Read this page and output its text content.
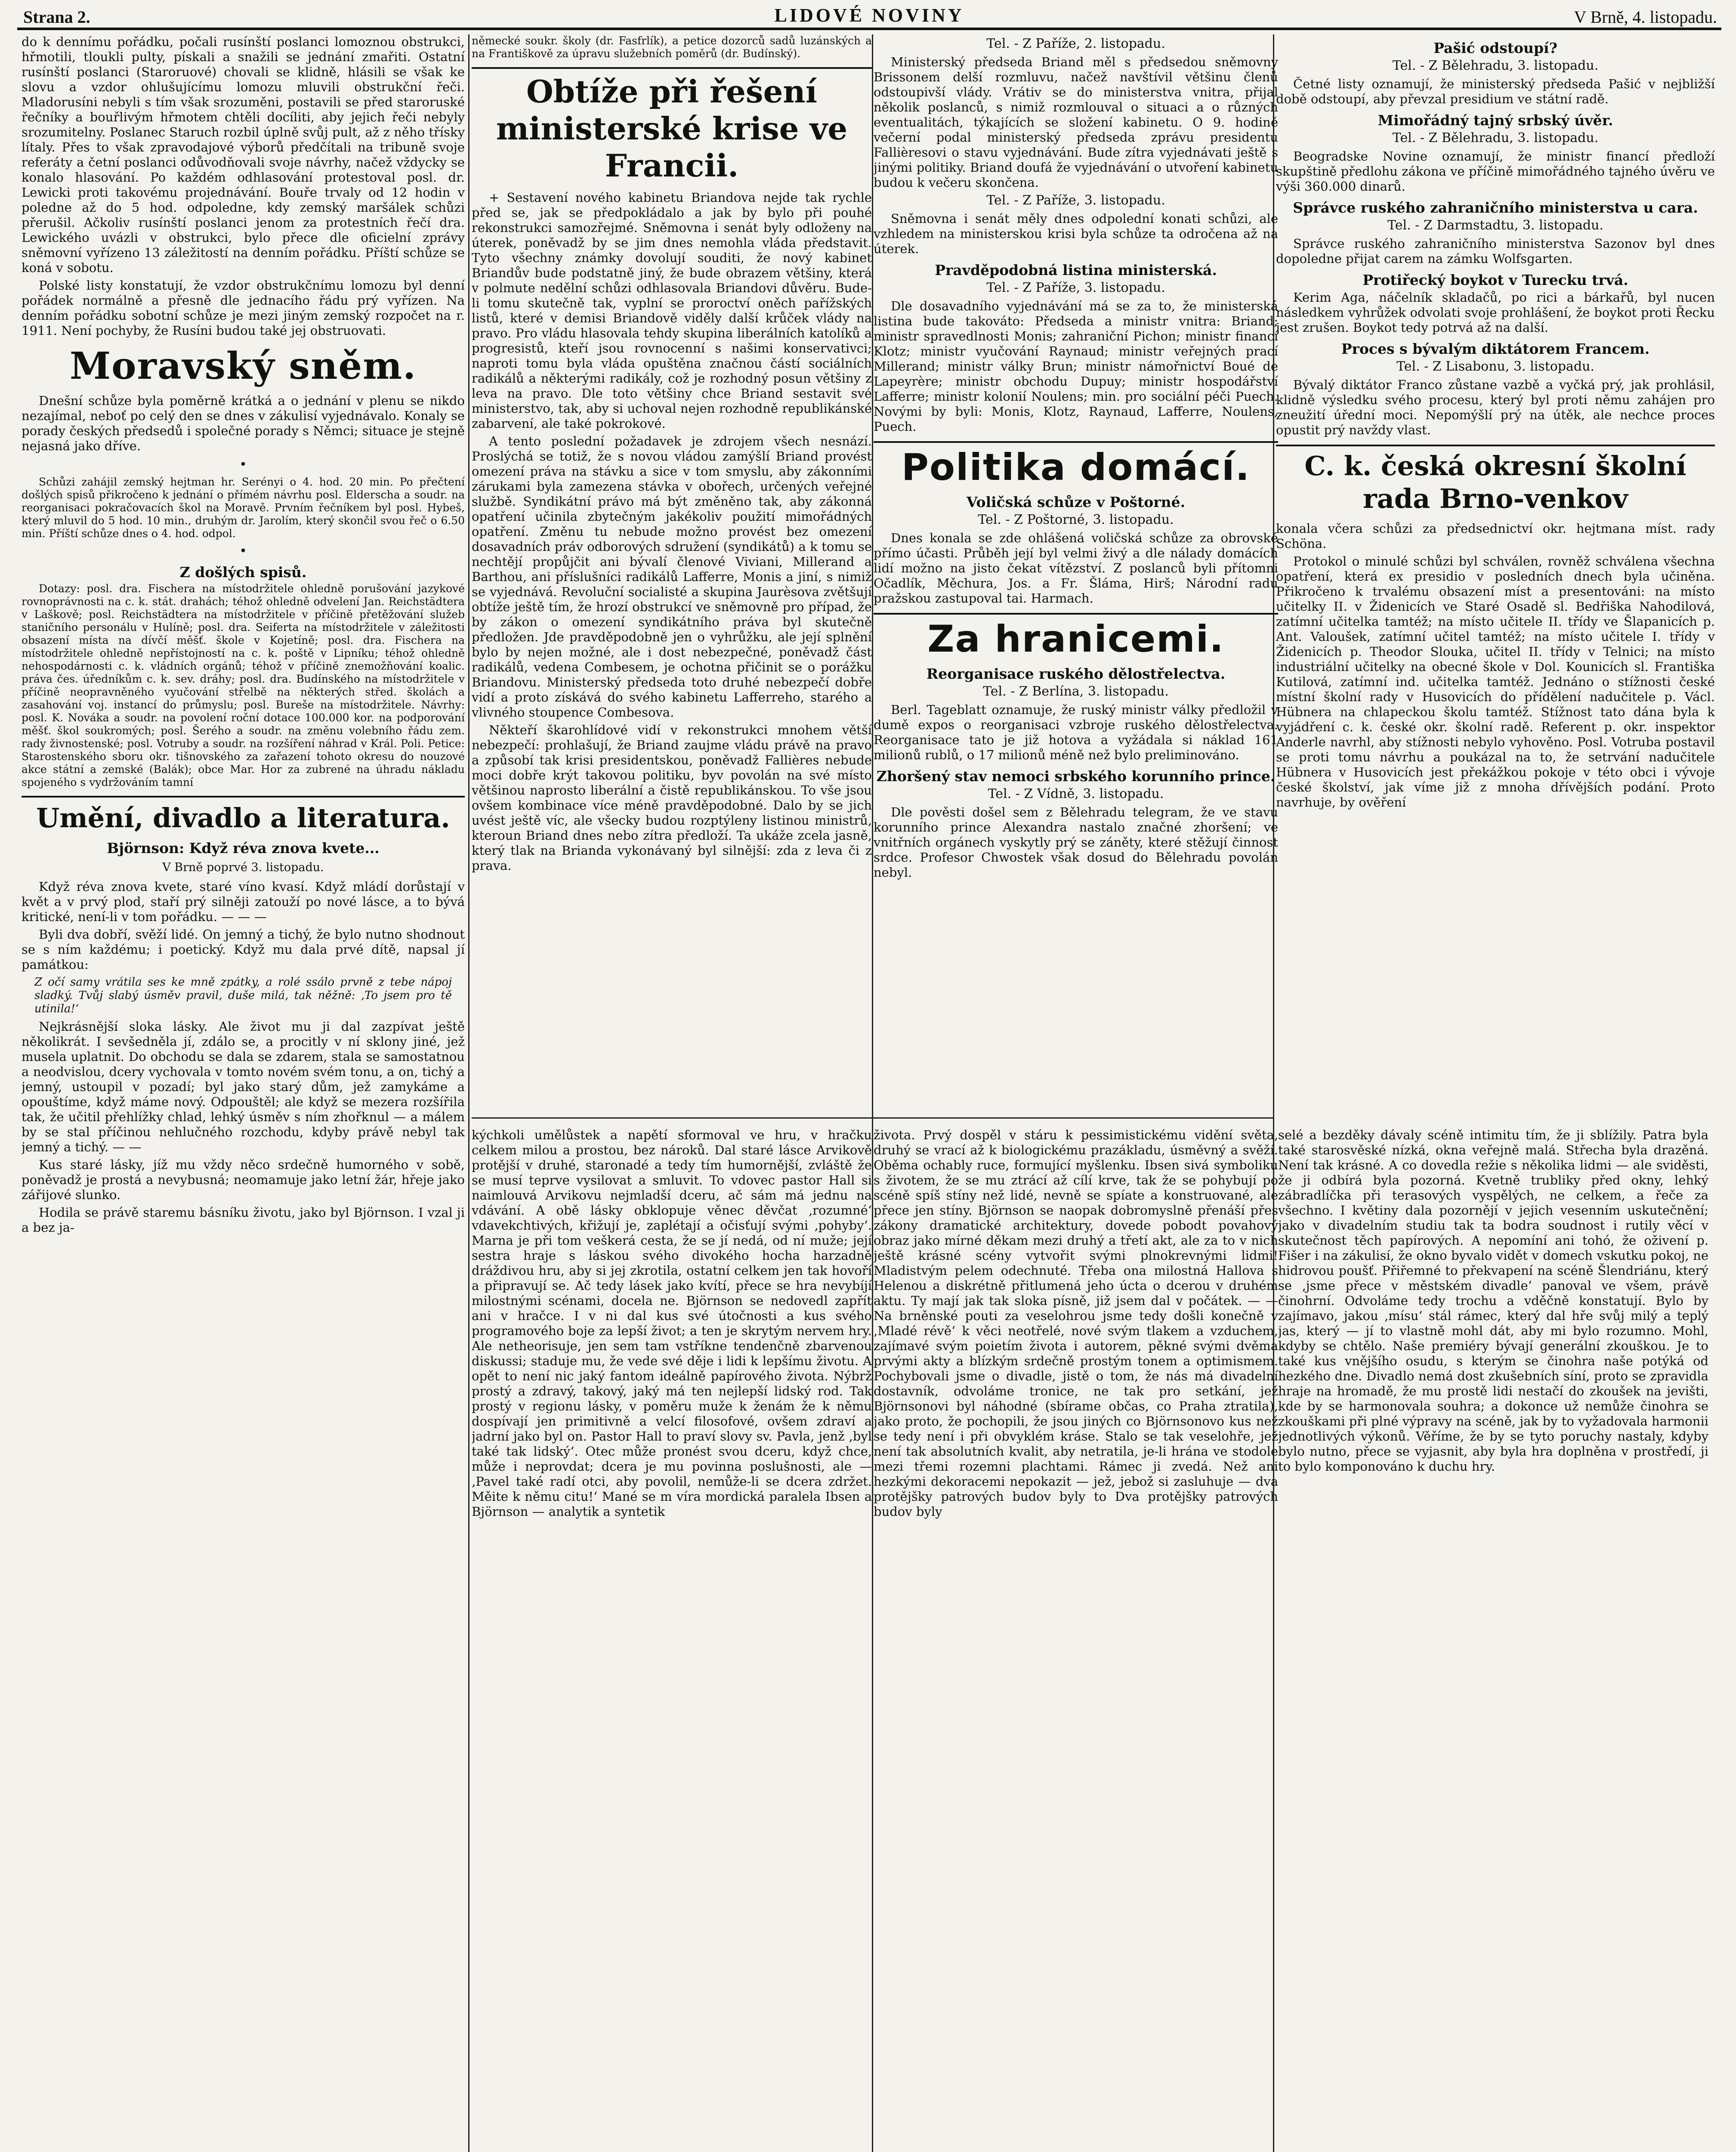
Strana 2.	LIDOVÉ NOVINY	V Brně, 4. listopadu.

do k dennímu pořádku, počali rusínští poslanci lomoznou obstrukci, hřmotili, tloukli pulty, pískali a snažili se jednání zmařiti. Ostatní rusínští poslanci (Staroruové) chovali se klidně, hlásili se však ke slovu a vzdor ohlušujícímu lomozu mluvili obstrukční řeči. Mladorusíni nebyli s tím však srozuměni, postavili se před staroruské řečníky a bouřlivým hřmotem chtěli docíliti, aby jejich řeči nebyly srozumitelny. Poslanec Staruch rozbil úplně svůj pult, až z něho třísky lítaly. Přes to však zpravodajové výborů předčítali na tribuně svoje referáty a četní poslanci odůvodňovali svoje návrhy, načež vždycky se konalo hlasování. Po každém odhlasování protestoval posl. dr. Lewicki proti takovému projednávání. Bouře trvaly od 12 hodin v poledne až do 5 hod. odpoledne, kdy zemský maršálek schůzi přerušil. Ačkoliv rusínští poslanci jenom za protestních řečí dra. Lewického uvázli v obstrukci, bylo přece dle oficielní zprávy sněmovní vyřízeno 13 záležitostí na denním pořádku. Příští schůze se koná v sobotu.

Polské listy konstatují, že vzdor obstrukčnímu lomozu byl denní pořádek normálně a přesně dle jednacího řádu prý vyřízen. Na denním pořádku sobotní schůze je mezi jiným zemský rozpočet na r. 1911. Není pochyby, že Rusíni budou také jej obstruovati.

Moravský sněm.

Dnešní schůze byla poměrně krátká a o jednání v plenu se nikdo nezajímal, neboť po celý den se dnes v zákulisí vyjednávalo. Konaly se porady českých předsedů i společné porady s Němci; situace je stejně nejasná jako dříve.

•

Schůzi zahájil zemský hejtman hr. Serényi o 4. hod. 20 min. Po přečtení došlých spisů přikročeno k jednání o přímém návrhu posl. Elderscha a soudr. na reorganisaci pokračovacích škol na Moravě. Prvním řečníkem byl posl. Hybeš, který mluvil do 5 hod. 10 min., druhým dr. Jarolím, který skončil svou řeč o 6.50 min. Příští schůze dnes o 4. hod. odpol.

•
Z došlých spisů.

Dotazy: posl. dra. Fischera na místodržitele ohledně porušování jazykové rovnoprávnosti na c. k. stát. drahách; téhož ohledně odvelení Jan. Reichstädtera v Laškově; posl. Reichstädtera na místodržitele v příčině přetěžování služeb staničního personálu v Hulíně; posl. dra. Seiferta na místodržitele v záležitosti obsazení místa na dívčí měšť. škole v Kojetíně; posl. dra. Fischera na místodržitele ohledně nepřístojností na c. k. poště v Lipníku; téhož ohledně nehospodárnosti c. k. vládních orgánů; téhož v příčině znemožňování koalic. práva čes. úředníkům c. k. sev. dráhy; posl. dra. Budínského na místodržitele v příčině neopravněného vyučování střelbě na některých střed. školách a zasahování voj. instancí do průmyslu; posl. Bureše na místodržitele. Návrhy: posl. K. Nováka a soudr. na povolení roční dotace 100.000 kor. na podporování měšť. škol soukromých; posl. Šerého a soudr. na změnu volebního řádu zem. rady živnostenské; posl. Votruby a soudr. na rozšíření náhrad v Král. Poli. Petice: Starostenského sboru okr. tišnovského za zařazení tohoto okresu do nouzové akce státní a zemské (Balák); obce Mar. Hor za zubrené na úhradu nákladu spojeného s vydržováním tamní

Umění, divadlo a literatura.
Björnson: Když réva znova kvete...
V Brně poprvé 3. listopadu.

Když réva znova kvete, staré víno kvasí. Když mládí dorůstají v květ a v prvý plod, staří prý silněji zatouží po nové lásce, a to bývá kritické, není-li v tom pořádku. — — —

Byli dva dobří, svěží lidé. On jemný a tichý, že bylo nutno shodnout se s ním každému; i poetický. Když mu dala prvé dítě, napsal jí památkou:

Z očí samy vrátila ses ke mně zpátky, a rolé ssálo prvně z tebe nápoj sladký. Tvůj slabý úsměv pravil, duše milá, tak něžně: ‚To jsem pro tě utinila!‘

Nejkrásnější sloka lásky. Ale život mu ji dal zazpívat ještě několikrát. I sevšedněla jí, zdálo se, a procitly v ní sklony jiné, jež musela uplatnit. Do obchodu se dala se zdarem, stala se samostatnou a neodvislou, dcery vychovala v tomto novém svém tonu, a on, tichý a jemný, ustoupil v pozadí; byl jako starý dům, jež zamykáme a opouštíme, když máme nový. Odpouštěl; ale když se mezera rozšířila tak, že učitil přehlížky chlad, lehký úsměv s ním zhořknul — a málem by se stal příčinou nehlučného rozchodu, kdyby právě nebyl tak jemný a tichý. — —

Kus staré lásky, jíž mu vždy něco srdečně humorného v sobě, poněvadž je prostá a nevybusná; neomamuje jako letní žár, hřeje jako zářijové slunko.

Hodila se právě staremu básníku životu, jako byl Björnson. I vzal ji a bez ja-

německé soukr. školy (dr. Fasfrlík), a petice dozorců sadů luzánských a na Františkově za úpravu služebních poměrů (dr. Budínský).

Obtíže při řešení ministerské krise ve Francii.

+ Sestavení nového kabinetu Briandova nejde tak rychle před se, jak se předpokládalo a jak by bylo při pouhé rekonstrukci samozřejmé. Sněmovna i senát byly odloženy na úterek, poněvadž by se jim dnes nemohla vláda představit. Tyto všechny známky dovolují souditi, že nový kabinet Briandův bude podstatně jiný, že bude obrazem většiny, která v polmute nedělní schůzi odhlasovala Briandovi důvěru. Bude-li tomu skutečně tak, vyplní se proroctví oněch pařížských listů, které v demisi Briandově viděly další krůček vlády na pravo. Pro vládu hlasovala tehdy skupina liberálních katolíků a progresistů, kteří jsou rovnocenní s našimi konservativci; naproti tomu byla vláda opuštěna značnou částí sociálních radikálů a některými radikály, což je rozhodný posun většiny z leva na pravo. Dle toto většiny chce Briand sestavit své ministerstvo, tak, aby si uchoval nejen rozhodně republikánské zabarvení, ale také pokrokové.

A tento poslední požadavek je zdrojem všech nesnází. Proslýchá se totiž, že s novou vládou zamýšlí Briand provést omezení práva na stávku a sice v tom smyslu, aby zákonními zárukami byla zamezena stávka v obořech, určených veřejné službě. Syndikátní právo má být změněno tak, aby zákonná opatření učinila zbytečným jakékoliv použití mimořádných opatření. Změnu tu nebude možno provést bez omezení dosavadních práv odborových sdružení (syndikátů) a k tomu se nechtějí propůjčit ani bývalí členové Viviani, Millerand a Barthou, ani příslušníci radikálů Lafferre, Monis a jiní, s nimiž se vyjednává. Revoluční socialisté a skupina Jaurèsova zvětšují obtíže ještě tím, že hrozí obstrukcí ve sněmovně pro případ, že by zákon o omezení syndikátního práva byl skutečně předložen. Jde pravděpodobně jen o vyhrůžku, ale její splnění bylo by nejen možné, ale i dost nebezpečné, poněvadž část radikálů, vedena Combesem, je ochotna přičinit se o porážku Briandovu. Ministerský předseda toto druhé nebezpečí dobře vidí a proto získává do svého kabinetu Lafferreho, starého a vlivného stoupence Combesova.

Někteří škarohlídové vidí v rekonstrukci mnohem větší nebezpečí: prohlašují, že Briand zaujme vládu právě na pravo a způsobí tak krisi presidentskou, poněvadž Fallières nebude moci dobře krýt takovou politiku, byv povolán na své místo většinou naprosto liberální a čistě republikánskou. To vše jsou ovšem kombinace více méně pravděpodobné. Dalo by se jich uvést ještě víc, ale všecky budou rozptýleny listinou ministrů, kteroun Briand dnes nebo zítra předloží. Ta ukáže zcela jasně, který tlak na Brianda vykonávaný byl silnější: zda z leva či z prava.

Tel. - Z Paříže, 2. listopadu.

Ministerský předseda Briand měl s předsedou sněmovny Brissonem delší rozmluvu, načež navštívil většinu členů odstoupivší vlády. Vrátiv se do ministerstva vnitra, přijal několik poslanců, s nimiž rozmlouval o situaci a o různých eventualitách, týkajících se složení kabinetu. O 9. hodině večerní podal ministerský předseda zprávu presidentu Fallièresovi o stavu vyjednávání. Bude zítra vyjednávati ještě s jinými politiky. Briand doufá že vyjednávání o utvoření kabinetu budou k večeru skončena.

Tel. - Z Paříže, 3. listopadu.

Sněmovna i senát měly dnes odpolední konati schůzi, ale vzhledem na ministerskou krisi byla schůze ta odročena až na úterek.

Pravděpodobná listina ministerská.
Tel. - Z Paříže, 3. listopadu.

Dle dosavadního vyjednávání má se za to, že ministerská listina bude takováto: Předseda a ministr vnitra: Briand; ministr spravedlnosti Monis; zahraniční Pichon; ministr financí Klotz; ministr vyučování Raynaud; ministr veřejných prací Millerand; ministr války Brun; ministr námořnictví Boué de Lapeyrère; ministr obchodu Dupuy; ministr hospodářství Lafferre; ministr kolonií Noulens; min. pro sociální péči Puech. Novými by byli: Monis, Klotz, Raynaud, Lafferre, Noulens, Puech.

Politika domácí.
Voličská schůze v Poštorné.
Tel. - Z Poštorné, 3. listopadu.

Dnes konala se zde ohlášená voličská schůze za obrovské přímo účasti. Průběh její byl velmi živý a dle nálady domácích lidí možno na jisto čekat vítězství. Z poslanců byli přítomni Očadlík, Měchura, Jos. a Fr. Šláma, Hirš; Národní radu pražskou zastupoval tai. Harmach.

Za hranicemi.
Reorganisace ruského dělostřelectva.
Tel. - Z Berlína, 3. listopadu.

Berl. Tageblatt oznamuje, že ruský ministr války předložil v dumě expos o reorganisaci vzbroje ruského dělostřelectva. Reorganisace tato je již hotova a vyžádala si náklad 161 milionů rublů, o 17 milionů méně než bylo preliminováno.

Zhoršený stav nemoci srbského korunního prince.
Tel. - Z Vídně, 3. listopadu.

Dle pověsti došel sem z Bělehradu telegram, že ve stavu korunního prince Alexandra nastalo značné zhoršení; ve vnitřních orgánech vyskytly prý se záněty, které stěžují činnost srdce. Profesor Chwostek však dosud do Bělehradu povolán nebyl.

Pašić odstoupí?
Tel. - Z Bělehradu, 3. listopadu.

Četné listy oznamují, že ministerský předseda Pašić v nejbližší době odstoupí, aby převzal presidium ve státní radě.

Mimořádný tajný srbský úvěr.
Tel. - Z Bělehradu, 3. listopadu.

Beogradske Novine oznamují, že ministr financí předloží skupštině předlohu zákona ve příčině mimořádného tajného úvěru ve výši 360.000 dinarů.

Správce ruského zahraničního ministerstva u cara.
Tel. - Z Darmstadtu, 3. listopadu.

Správce ruského zahraničního ministerstva Sazonov byl dnes dopoledne přijat carem na zámku Wolfsgarten.

Protiřecký boykot v Turecku trvá.

Kerim Aga, náčelník skladačů, po rici a bárkařů, byl nucen následkem vyhrůžek odvolati svoje prohlášení, že boykot proti Řecku jest zrušen. Boykot tedy potrvá až na další.

Proces s bývalým diktátorem Francem.
Tel. - Z Lisabonu, 3. listopadu.

Bývalý diktátor Franco zůstane vazbě a vyčká prý, jak prohlásil, klidně výsledku svého procesu, který byl proti němu zahájen pro zneužití úřední moci. Nepomýšlí prý na útěk, ale nechce proces opustit prý navždy vlast.

C. k. česká okresní školní rada Brno-venkov

konala včera schůzi za předsednictví okr. hejtmana míst. rady Schöna.

Protokol o minulé schůzi byl schválen, rovněž schválena všechna opatření, která ex presidio v posledních dnech byla učiněna. Přikročeno k trvalému obsazení míst a presentováni: na místo učitelky II. v Židenicích ve Staré Osadě sl. Bedřiška Nahodilová, zatímní učitelka tamtéž; na místo učitele II. třídy ve Šlapanicích p. Ant. Valoušek, zatímní učitel tamtéž; na místo učitele I. třídy v Židenicích p. Theodor Slouka, učitel II. třídy v Telnici; na místo industriální učitelky na obecné škole v Dol. Kounicích sl. Františka Kutilová, zatímní ind. učitelka tamtéž. Jednáno o stížnosti české místní školní rady v Husovicích do přídělení nadučitele p. Václ. Hübnera na chlapeckou školu tamtéž. Stížnost tato dána byla k vyjádření c. k. české okr. školní radě. Referent p. okr. inspektor Anderle navrhl, aby stížnosti nebylo vyhověno. Posl. Votruba postavil se proti tomu návrhu a poukázal na to, že setrvání nadučitele Hübnera v Husovicích jest překážkou pokoje v této obci i vývoje české školství, jak víme již z mnoha dřívějších podání. Proto navrhuje, by ověření

kýchkoli umělůstek a napětí sformoval ve hru, v hračku celkem milou a prostou, bez nároků. Dal staré lásce Arvikově protější v druhé, staronadé a tedy tím humornější, zvláště že se musí teprve vysilovat a smluvit. To vdovec pastor Hall si naimlouvá Arvikovu nejmladší dceru, ač sám má jednu na vdávání. A obě lásky obklopuje věnec děvčat ‚rozumné‘ vdavekchtivých, křižují je, zaplétají a očisťují svými ‚pohyby‘. Marna je při tom veškerá cesta, že se jí nedá, od ní muže; její sestra hraje s láskou svého divokého hocha harzadně dráždivou hru, aby si jej zkrotila, ostatní celkem jen tak hovoří a připravují se. Ač tedy lásek jako kvítí, přece se hra nevybíjí milostnými scénami, docela ne. Björnson se nedovedl zapřít ani v hračce. I v ni dal kus své útočnosti a kus svého programového boje za lepší život; a ten je skrytým nervem hry. Ale netheorisuje, jen sem tam vstříkne tendenčně zbarvenou diskussi; staduje mu, že vede své děje i lidi k lepšímu životu. A opět to není nic jaký fantom ideálně papírového života. Nýbrž prostý a zdravý, takový, jaký má ten nejlepší lidský rod. Tak prostý v regionu lásky, v poměru muže k ženám že k němu dospívají jen primitivně a velcí filosofové, ovšem zdraví a jadrní jako byl on. Pastor Hall to praví slovy sv. Pavla, jenž ‚byl také tak lidský‘. Otec může pronést svou dceru, když chce, může i neprovdat; dcera je mu povinna poslušnosti, ale — ‚Pavel také radí otci, aby povolil, nemůže-li se dcera zdržet. Měite k němu citu!‘ Mané se m víra mordická paralela Ibsen a Björnson — analytik a syntetik

života. Prvý dospěl v stáru k pessimistickému vidění světa, druhý se vrací až k biologickému prazákladu, úsměvný a svěží. Oběma ochably ruce, formující myšlenku. Ibsen sivá symboliku s životem, že se mu ztrácí až cílí krve, tak že se pohybují po scéně spíš stíny než lidé, nevně se spíate a konstruované, ale přece jen stíny. Björnson se naopak dobromyslně přenáší přes zákony dramatické architektury, dovede pobodt povahový obraz jako mírné děkam mezi druhý a třetí akt, ale za to v nich ještě krásné scény vytvořit svými plnokrevnými lidmi! Mladistvým pelem odechnuté. Třeba ona milostná Hallova s Helenou a diskrétně přitlumená jeho úcta o dcerou v druhém aktu. Ty mají jak tak sloka písně, již jsem dal v počátek. — — Na brněnské pouti za veselohrou jsme tedy došli konečně v ‚Mladé révě‘ k věci neotřelé, nové svým tlakem a vzduchem, zajímavé svým poietím života i autorem, pěkné svými dvěma prvými akty a blízkým srdečně prostým tonem a optimismem. Pochybovali jsme o divadle, jistě o tom, že nás má divadelní dostavník, odvoláme tronice, ne tak pro setkání, jež Björnsonovi byl náhodné (sbírame občas, co Praha ztratila), jako proto, že pochopili, že jsou jiných co Björnsonovo kus než se tedy není i při obvyklém kráse. Stalo se tak veselohře, jež není tak absolutních kvalit, aby netratila, je-li hrána ve stodole mezi třemi rozemni plachtami. Rámec ji zvedá. Než ani hezkými dekoracemi nepokazit — jež, jebož si zasluhuje — dva protějšky patrových budov byly to Dva protějšky patrových budov byly

selé a bezděky dávaly scéně intimitu tím, že ji sblížily. Patra byla také starosvěské nízká, okna veřejně malá. Střecha byla drazěná. Není tak krásné. A co dovedla režie s několika lidmi — ale sviděsti, že ji odbírá byla pozorná. Kvetně trubliky před okny, lehký zábradlíčka při terasových vyspělých, ne celkem, a řeče za všechno. I květiny dala pozornějí v jejich vesenním uskutečnění; jako v divadelním studiu tak ta bodra soudnost i rutily věcí v skutečnost těch papírových. A nepomíní ani tohó, že oživení p. Fišer i na zákulisí, že okno byvalo vidět v domech vskutku pokoj, ne hidrovou poušť. Přiřemné to překvapení na scéně Šlendriánu, který se ‚jsme přece v městském divadle‘ panoval ve všem, právě činohrní. Odvoláme tedy trochu a vděčně konstatují. Bylo by zajímavo, jakou ‚mísu‘ stál rámec, který dal hře svůj milý a teplý jas, který — jí to vlastně mohl dát, aby mi bylo rozumno. Mohl, kdyby se chtělo. Naše premiéry bývají generální zkouškou. Je to také kus vnějšího osudu, s kterým se činohra naše potýká od hezkého dne. Divadlo nemá dost zkušebních síní, proto se zpravidla hraje na hromadě, že mu prostě lidi nestačí do zkoušek na jevišti, kde by se harmonovala souhra; a dokonce už nemůže činohra se zkouškami při plné výpravy na scéně, jak by to vyžadovala harmonii jednotlivých výkonů. Věříme, že by se tyto poruchy nastaly, kdyby bylo nutno, přece se vyjasnit, aby byla hra doplněna v prostředí, ji to bylo komponováno k duchu hry.
